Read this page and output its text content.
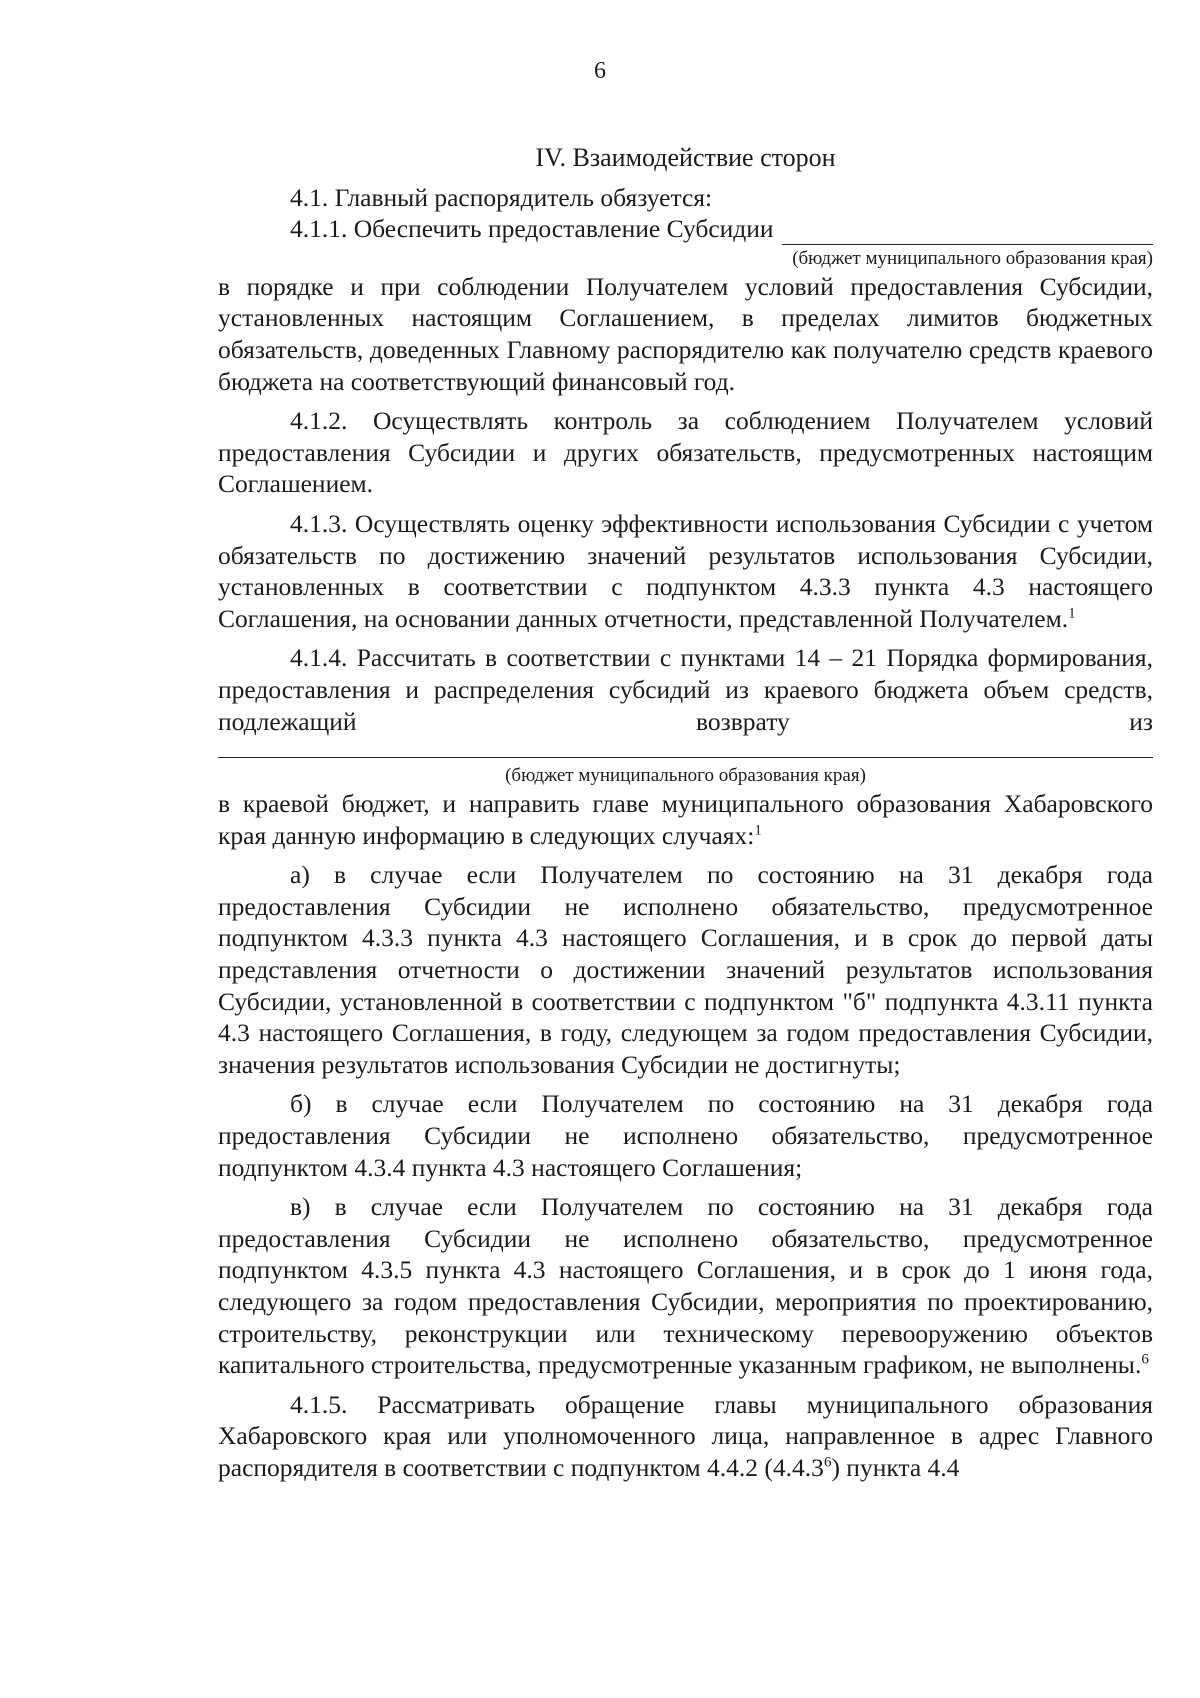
6
IV. Взаимодействие сторон

4.1. Главный распорядитель обязуется:

4.1.1. Обеспечить предоставление Субсидии
(бюджет муниципального образования края)

в порядке и при соблюдении Получателем условий предоставления Субсидии, установленных настоящим Соглашением, в пределах лимитов бюджетных обязательств, доведенных Главному распорядителю как получателю средств краевого бюджета на соответствующий финансовый год.

4.1.2. Осуществлять контроль за соблюдением Получателем условий предоставления Субсидии и других обязательств, предусмотренных настоящим Соглашением.

4.1.3. Осуществлять оценку эффективности использования Субсидии с учетом обязательств по достижению значений результатов использования Субсидии, установленных в соответствии с подпунктом 4.3.3 пункта 4.3 настоящего Соглашения, на основании данных отчетности, представленной Получателем.$^1$

4.1.4. Рассчитать в соответствии с пунктами 14 – 21 Порядка формирования, предоставления и распределения субсидий из краевого бюджета объем средств, подлежащий возврату из

(бюджет муниципального образования края)

в краевой бюджет, и направить главе муниципального образования Хабаровского края данную информацию в следующих случаях:$^1$

а) в случае если Получателем по состоянию на 31 декабря года предоставления Субсидии не исполнено обязательство, предусмотренное подпунктом 4.3.3 пункта 4.3 настоящего Соглашения, и в срок до первой даты представления отчетности о достижении значений результатов использования Субсидии, установленной в соответствии с подпунктом "б" подпункта 4.3.11 пункта 4.3 настоящего Соглашения, в году, следующем за годом предоставления Субсидии, значения результатов использования Субсидии не достигнуты;

б) в случае если Получателем по состоянию на 31 декабря года предоставления Субсидии не исполнено обязательство, предусмотренное подпунктом 4.3.4 пункта 4.3 настоящего Соглашения;

в) в случае если Получателем по состоянию на 31 декабря года предоставления Субсидии не исполнено обязательство, предусмотренное подпунктом 4.3.5 пункта 4.3 настоящего Соглашения, и в срок до 1 июня года, следующего за годом предоставления Субсидии, мероприятия по проектированию, строительству, реконструкции или техническому перевооружению объектов капитального строительства, предусмотренные указанным графиком, не выполнены.$^6$

4.1.5. Рассматривать обращение главы муниципального образования Хабаровского края или уполномоченного лица, направленное в адрес Главного распорядителя в соответствии с подпунктом 4.4.2 (4.4.3$^6$) пункта 4.4
